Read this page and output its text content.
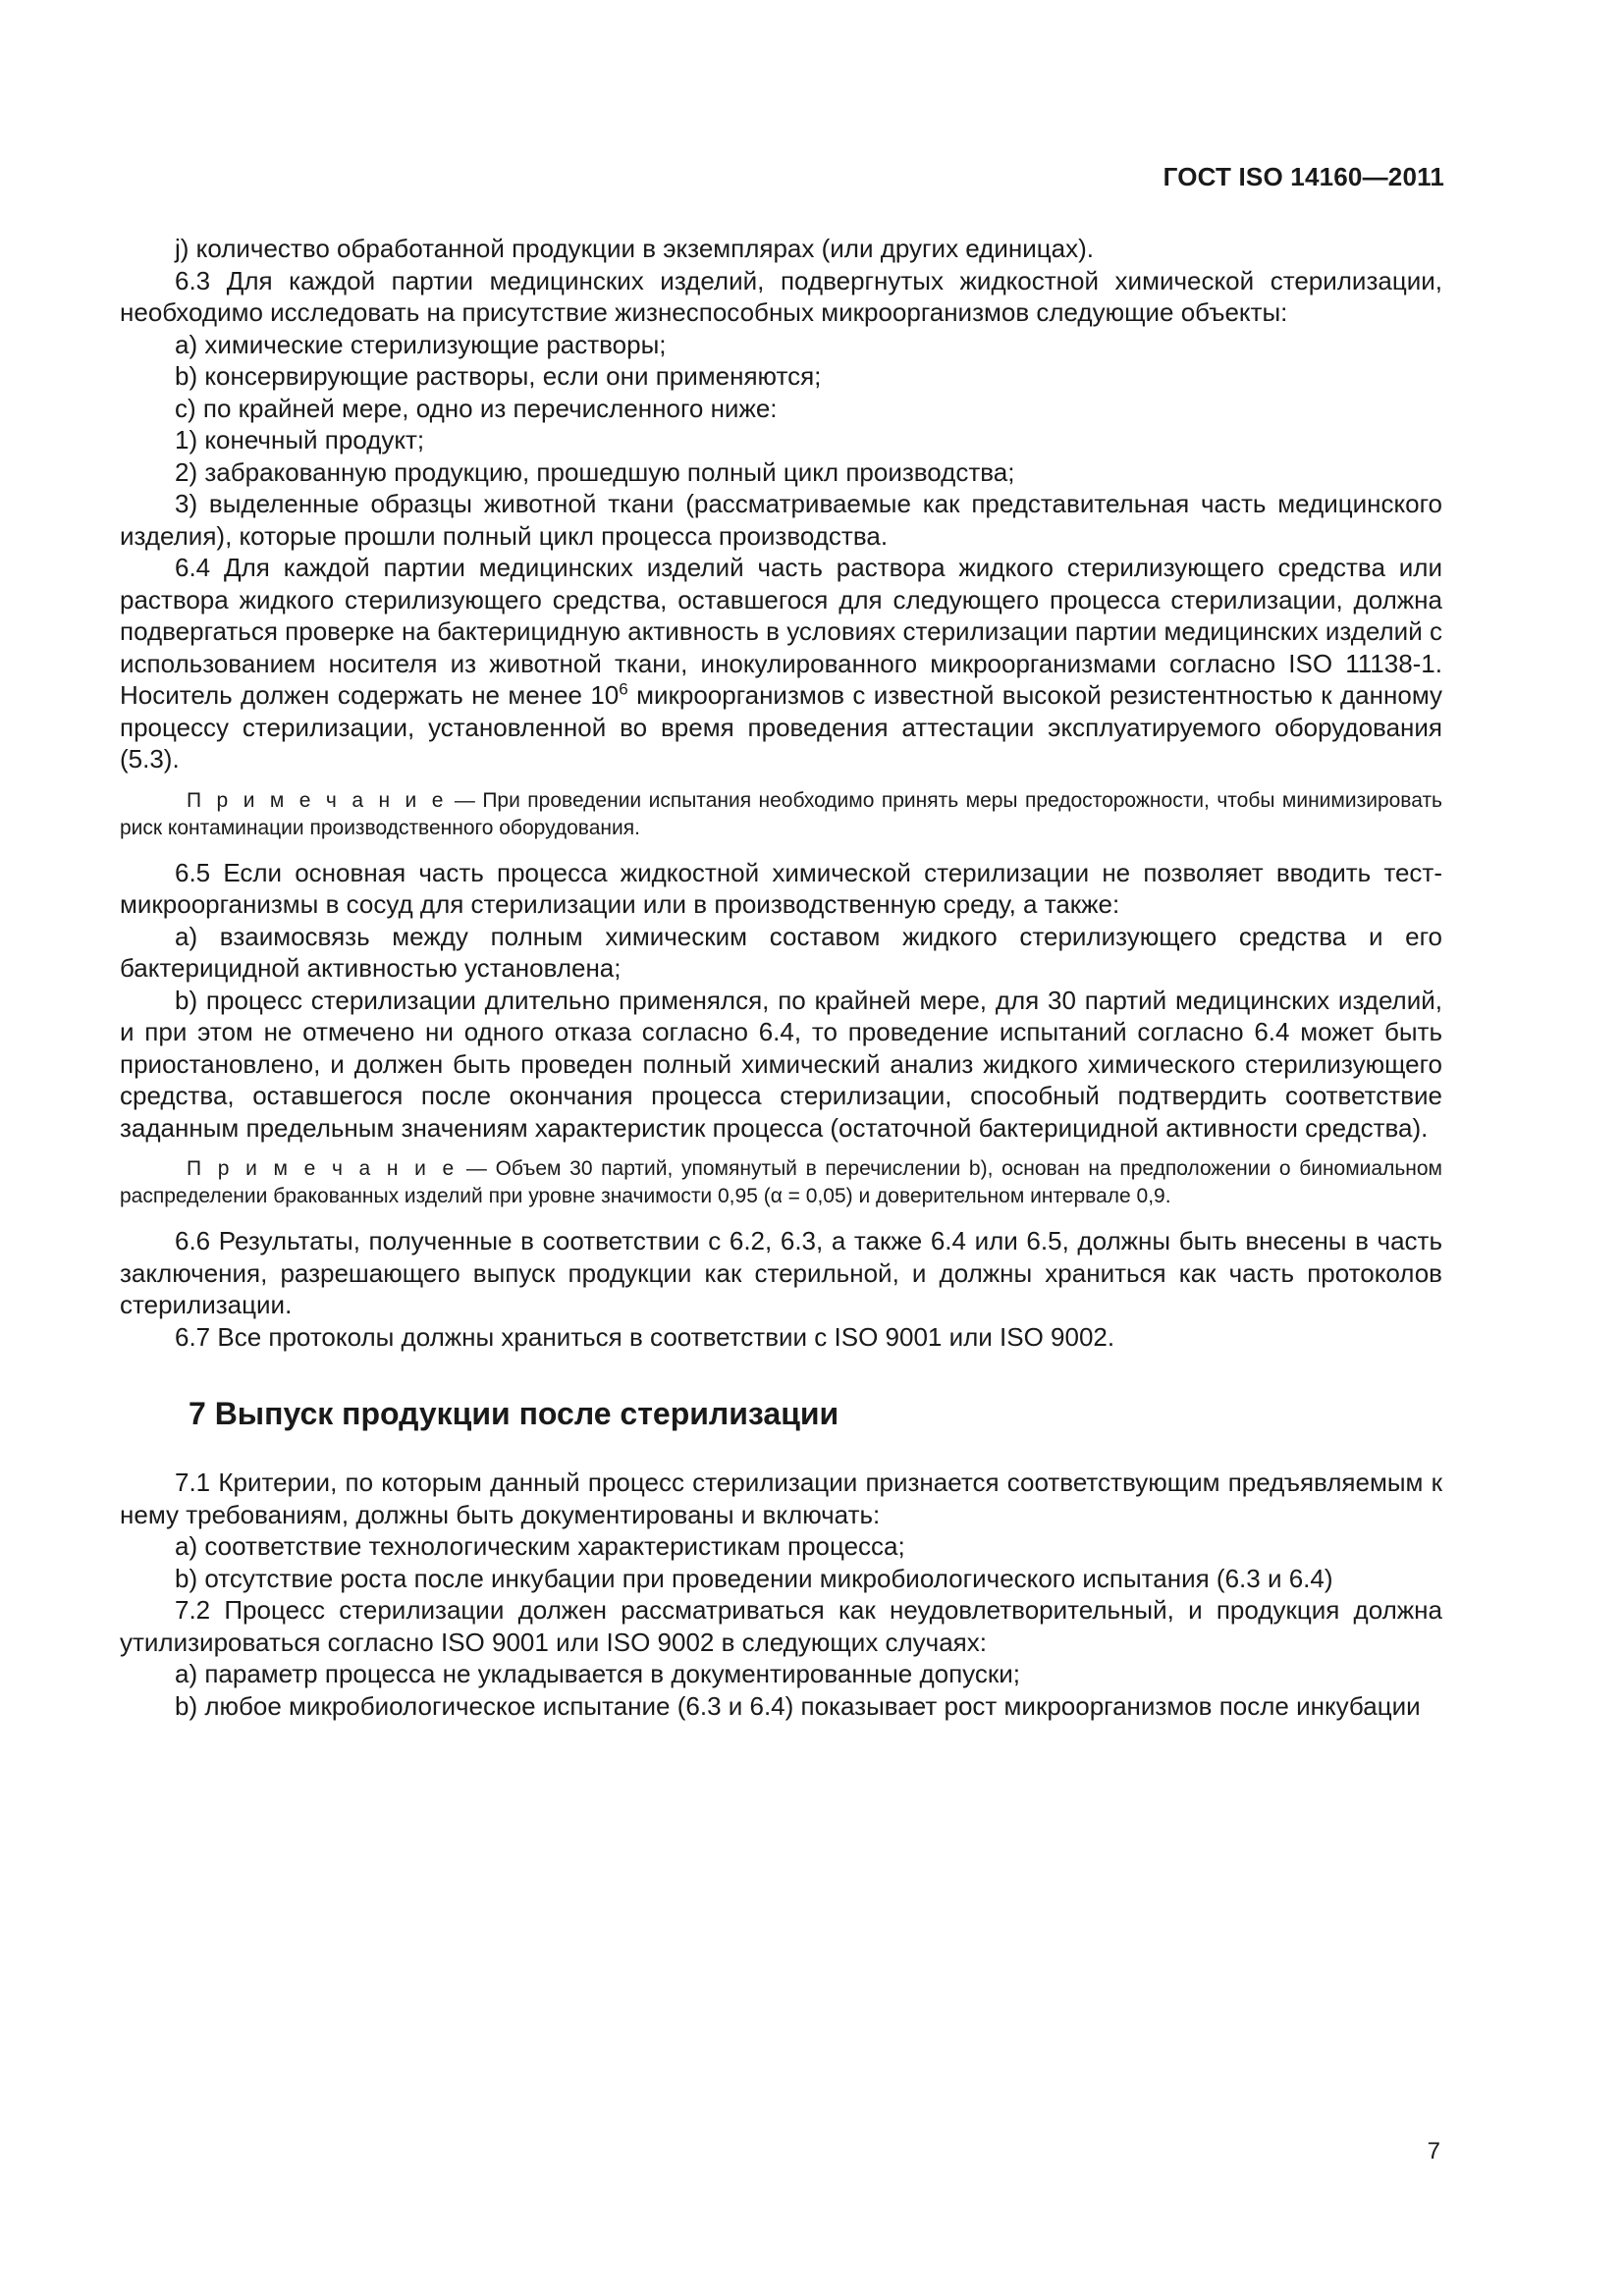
ГОСТ ISO 14160—2011

j) количество обработанной продукции в экземплярах (или других единицах).

6.3 Для каждой партии медицинских изделий, подвергнутых жидкостной химической стерилизации, необходимо исследовать на присутствие жизнеспособных микроорганизмов следующие объекты:

a) химические стерилизующие растворы;

b) консервирующие растворы, если они применяются;

c) по крайней мере, одно из перечисленного ниже:

1) конечный продукт;

2) забракованную продукцию, прошедшую полный цикл производства;

3) выделенные образцы животной ткани (рассматриваемые как представительная часть медицинского изделия), которые прошли полный цикл процесса производства.

6.4 Для каждой партии медицинских изделий часть раствора жидкого стерилизующего средства или раствора жидкого стерилизующего средства, оставшегося для следующего процесса стерилизации, должна подвергаться проверке на бактерицидную активность в условиях стерилизации партии медицинских изделий с использованием носителя из животной ткани, инокулированного микроорганизмами согласно ISO 11138-1. Носитель должен содержать не менее $10^6$ микроорганизмов с известной высокой резистентностью к данному процессу стерилизации, установленной во время проведения аттестации эксплуатируемого оборудования (5.3).

П р и м е ч а н и е — При проведении испытания необходимо принять меры предосторожности, чтобы минимизировать риск контаминации производственного оборудования.

6.5 Если основная часть процесса жидкостной химической стерилизации не позволяет вводить тест-микроорганизмы в сосуд для стерилизации или в производственную среду, а также:

a) взаимосвязь между полным химическим составом жидкого стерилизующего средства и его бактерицидной активностью установлена;

b) процесс стерилизации длительно применялся, по крайней мере, для 30 партий медицинских изделий, и при этом не отмечено ни одного отказа согласно 6.4, то проведение испытаний согласно 6.4 может быть приостановлено, и должен быть проведен полный химический анализ жидкого химического стерилизующего средства, оставшегося после окончания процесса стерилизации, способный подтвердить соответствие заданным предельным значениям характеристик процесса (остаточной бактерицидной активности средства).

П р и м е ч а н и е — Объем 30 партий, упомянутый в перечислении b), основан на предположении о биномиальном распределении бракованных изделий при уровне значимости 0,95 (α = 0,05) и доверительном интервале 0,9.

6.6 Результаты, полученные в соответствии с 6.2, 6.3, а также 6.4 или 6.5, должны быть внесены в часть заключения, разрешающего выпуск продукции как стерильной, и должны храниться как часть протоколов стерилизации.

6.7 Все протоколы должны храниться в соответствии с ISO 9001 или ISO 9002.

7 Выпуск продукции после стерилизации

7.1 Критерии, по которым данный процесс стерилизации признается соответствующим предъявляемым к нему требованиям, должны быть документированы и включать:

a) соответствие технологическим характеристикам процесса;

b) отсутствие роста после инкубации при проведении микробиологического испытания (6.3 и 6.4)

7.2 Процесс стерилизации должен рассматриваться как неудовлетворительный, и продукция должна утилизироваться согласно ISO 9001 или ISO 9002 в следующих случаях:

a) параметр процесса не укладывается в документированные допуски;

b) любое микробиологическое испытание (6.3 и 6.4) показывает рост микроорганизмов после инкубации

7
